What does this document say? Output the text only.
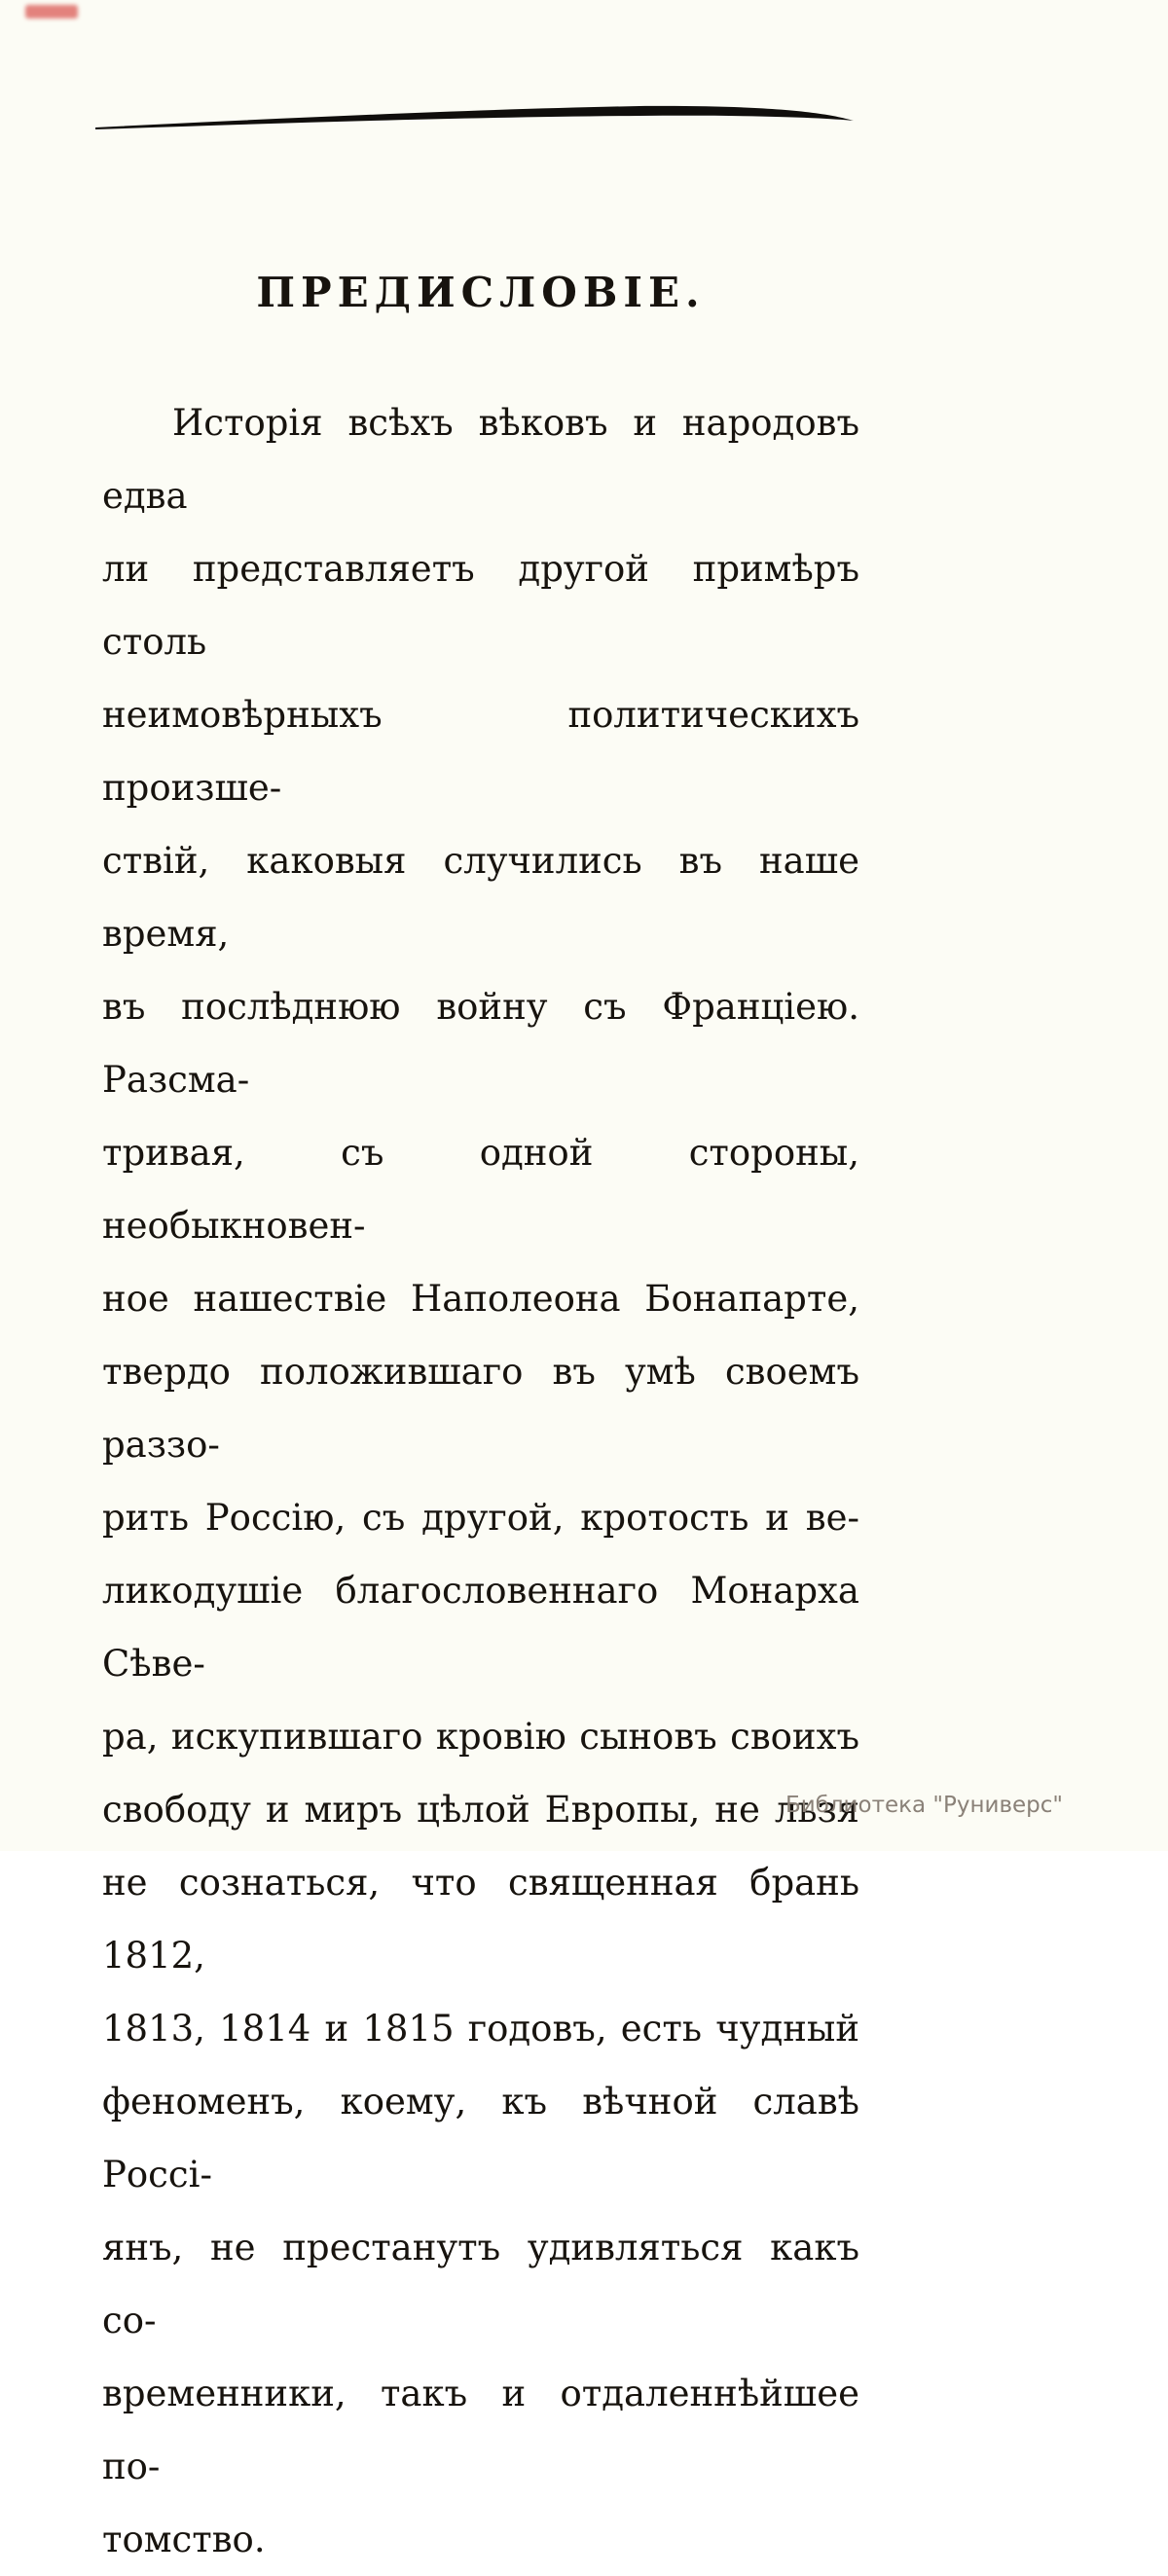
ПРЕДИСЛОВІЕ.
Исторія всѣхъ вѣковъ и народовъ едва
ли представляетъ другой примѣръ столь
неимовѣрныхъ политическихъ произше-
ствій, каковыя случились въ наше время,
въ послѣднюю войну съ Франціею. Разсма-
тривая, съ одной стороны, необыкновен-
ное нашествіе Наполеона Бонапарте,
твердо положившаго въ умѣ своемъ раззо-
рить Россію, съ другой, кротость и ве-
ликодушіе благословеннаго Монарха Сѣве-
ра, искупившаго кровію сыновъ своихъ
свободу и миръ цѣлой Европы, не льзя
не сознаться, что священная брань 1812,
1813, 1814 и 1815 годовъ, есть чудный
феноменъ, коему, къ вѣчной славѣ Россі-
янъ, не престанутъ удивляться какъ со-
временники, такъ и отдаленнѣйшее по-
томство.
Библиотека "Руниверс"
